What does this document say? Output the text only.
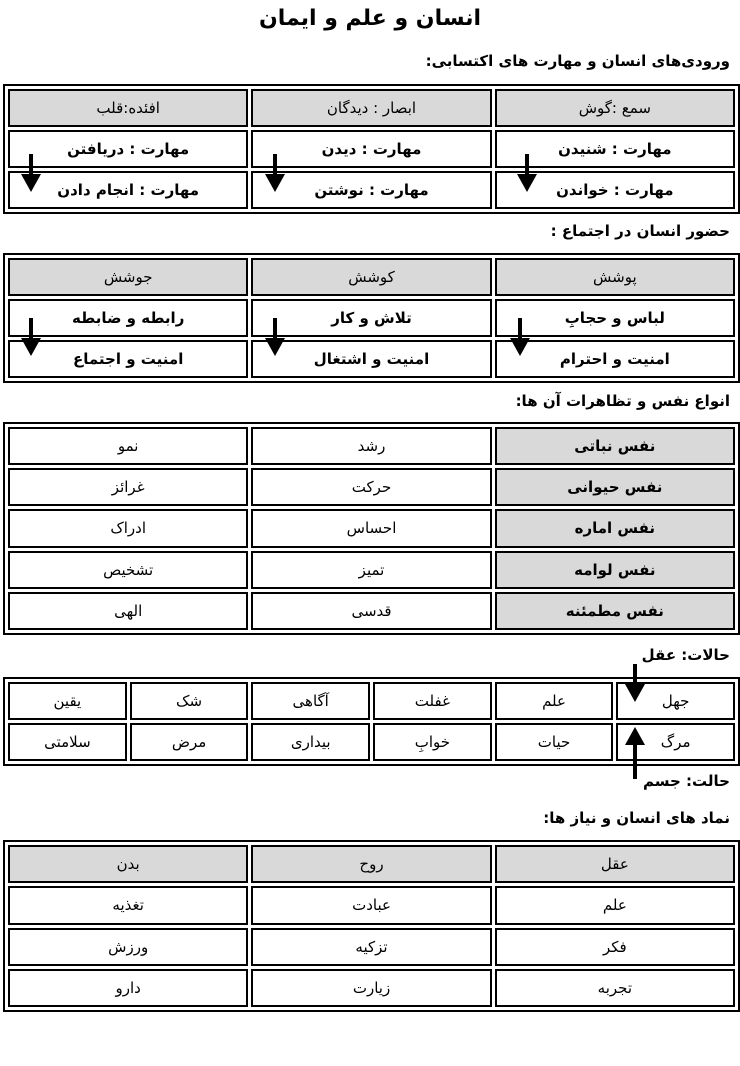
انسان و علم و ایمان
ورودی‌های انسان و مهارت های اکتسابی:
سمع :گوش	ابصار : دیدگان	افئده:قلب
مهارت : شنیدن	مهارت : دیدن	مهارت : دریافتن
مهارت : خواندن	مهارت : نوشتن	مهارت : انجام دادن
حضور انسان در اجتماع :
پوشش	کوشش	جوشش
لباس و حجابِ	تلاش و کار	رابطه و ضابطه
امنیت و احترام	امنیت و اشتغال	امنیت و اجتماع
انواع نفس و تظاهرات آن ها:
نفس نباتی	رشد	نمو
نفس حیوانی	حرکت	غرائز
نفس اماره	احساس	ادراک
نفس لوامه	تمیز	تشخیص
نفس مطمئنه	قدسی	الهی
حالات: عقل
جهل	علم	غفلت	آگاهی	شک	یقین
مرگ	حیات	خوابِ	بیداری	مرض	سلامتی
حالت: جسم
نماد های انسان و نیاز ها:
عقل	روح	بدن
علم	عبادت	تغذیه
فکر	تزکیه	ورزش
تجربه	زیارت	دارو
